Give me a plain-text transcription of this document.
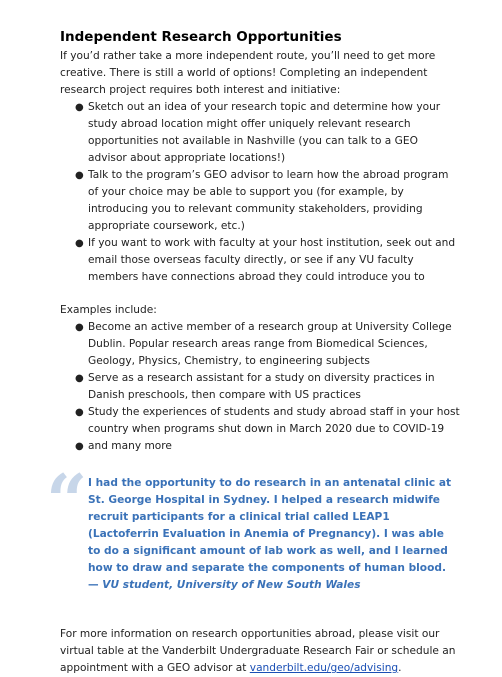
Independent Research Opportunities

If you’d rather take a more independent route, you’ll need to get more creative. There is still a world of options! Completing an independent research project requires both interest and initiative:

● Sketch out an idea of your research topic and determine how your study abroad location might offer uniquely relevant research opportunities not available in Nashville (you can talk to a GEO advisor about appropriate locations!)
● Talk to the program’s GEO advisor to learn how the abroad program of your choice may be able to support you (for example, by introducing you to relevant community stakeholders, providing appropriate coursework, etc.)
● If you want to work with faculty at your host institution, seek out and email those overseas faculty directly, or see if any VU faculty members have connections abroad they could introduce you to

Examples include:

● Become an active member of a research group at University College Dublin. Popular research areas range from Biomedical Sciences, Geology, Physics, Chemistry, to engineering subjects
● Serve as a research assistant for a study on diversity practices in Danish preschools, then compare with US practices
● Study the experiences of students and study abroad staff in your host country when programs shut down in March 2020 due to COVID-19
● and many more
“ I had the opportunity to do research in an antenatal clinic at St. George Hospital in Sydney. I helped a research midwife recruit participants for a clinical trial called LEAP1 (Lactoferrin Evaluation in Anemia of Pregnancy). I was able to do a significant amount of lab work as well, and I learned how to draw and separate the components of human blood. — VU student, University of New South Wales

For more information on research opportunities abroad, please visit our virtual table at the Vanderbilt Undergraduate Research Fair or schedule an appointment with a GEO advisor at vanderbilt.edu/geo/advising.
